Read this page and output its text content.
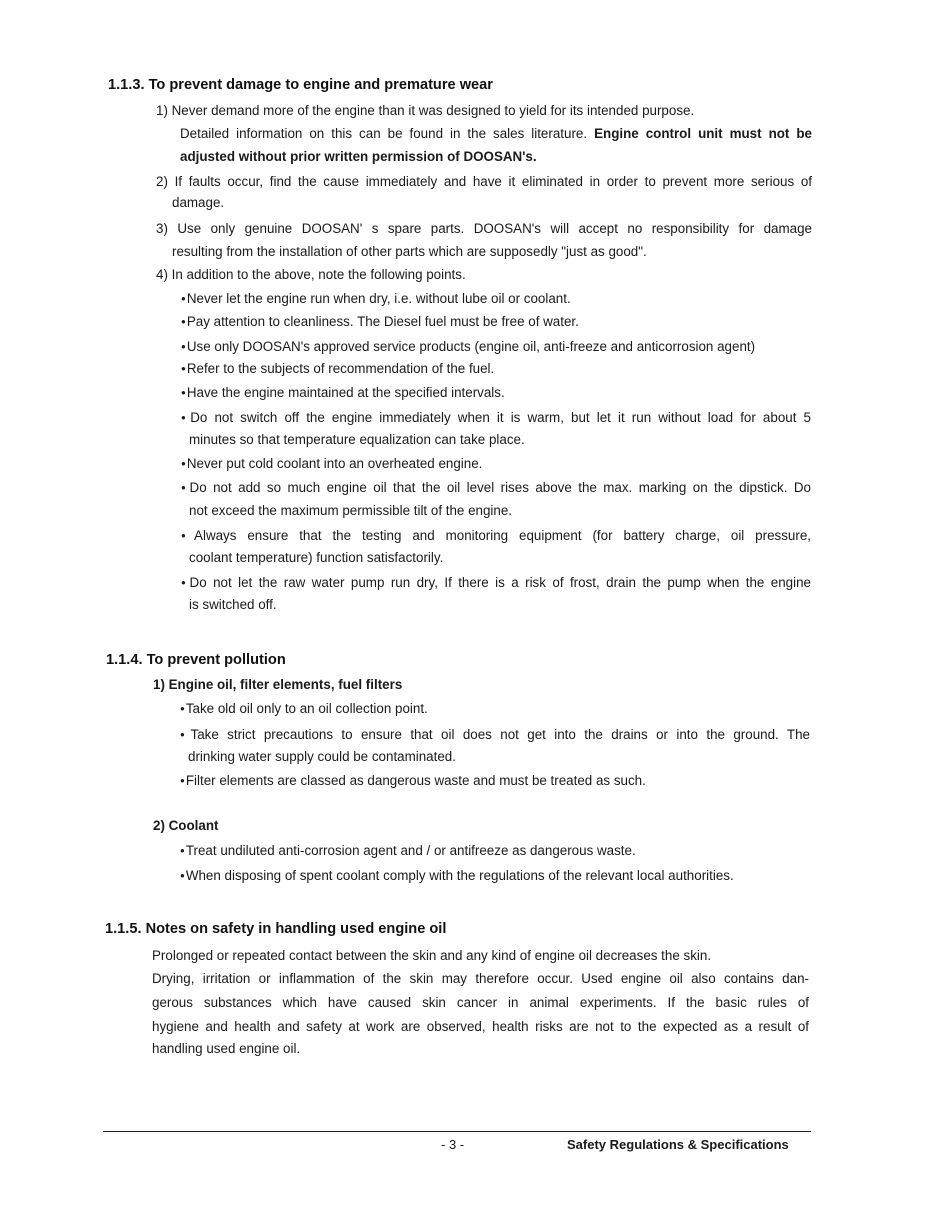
1.1.3. To prevent damage to engine and premature wear
1) Never demand more of the engine than it was designed to yield for its intended purpose.
Detailed information on this can be found in the sales literature. Engine control unit must not be
adjusted without prior written permission of DOOSAN's.
2) If faults occur, find the cause immediately and have it eliminated in order to prevent more serious of
damage.
3) Use only genuine DOOSAN' s spare parts. DOOSAN's will accept no responsibility for damage
resulting from the installation of other parts which are supposedly "just as good".
4) In addition to the above, note the following points.
● Never let the engine run when dry, i.e. without lube oil or coolant.
● Pay attention to cleanliness. The Diesel fuel must be free of water.
● Use only DOOSAN's approved service products (engine oil, anti-freeze and anticorrosion agent)
● Refer to the subjects of recommendation of the fuel.
● Have the engine maintained at the specified intervals.
● Do not switch off the engine immediately when it is warm, but let it run without load for about 5
minutes so that temperature equalization can take place.
● Never put cold coolant into an overheated engine.
● Do not add so much engine oil that the oil level rises above the max. marking on the dipstick. Do
not exceed the maximum permissible tilt of the engine.
● Always ensure that the testing and monitoring equipment (for battery charge, oil pressure,
coolant temperature) function satisfactorily.
● Do not let the raw water pump run dry, If there is a risk of frost, drain the pump when the engine
is switched off.
1.1.4. To prevent pollution
1) Engine oil, filter elements, fuel filters
● Take old oil only to an oil collection point.
● Take strict precautions to ensure that oil does not get into the drains or into the ground. The
drinking water supply could be contaminated.
● Filter elements are classed as dangerous waste and must be treated as such.
2) Coolant
● Treat undiluted anti-corrosion agent and / or antifreeze as dangerous waste.
● When disposing of spent coolant comply with the regulations of the relevant local authorities.
1.1.5. Notes on safety in handling used engine oil
Prolonged or repeated contact between the skin and any kind of engine oil decreases the skin.
Drying, irritation or inflammation of the skin may therefore occur. Used engine oil also contains dan-
gerous substances which have caused skin cancer in animal experiments. If the basic rules of
hygiene and health and safety at work are observed, health risks are not to the expected as a result of
handling used engine oil.
- 3 -	Safety Regulations & Specifications
